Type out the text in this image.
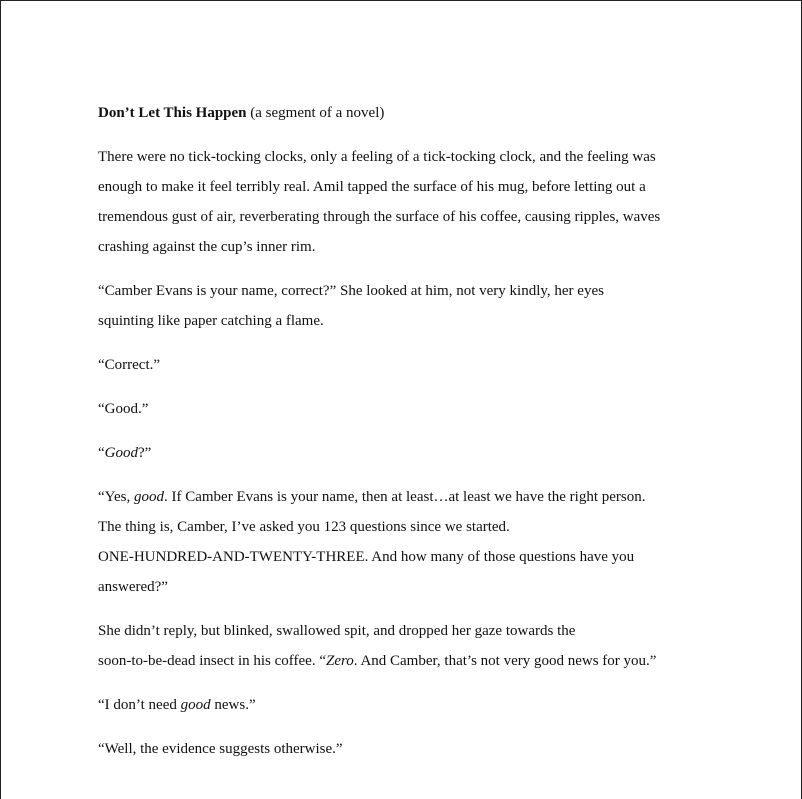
Don’t Let This Happen (a segment of a novel)

There were no tick-tocking clocks, only a feeling of a tick-tocking clock, and the feeling was
enough to make it feel terribly real. Amil tapped the surface of his mug, before letting out a
tremendous gust of air, reverberating through the surface of his coffee, causing ripples, waves
crashing against the cup’s inner rim.

“Camber Evans is your name, correct?” She looked at him, not very kindly, her eyes
squinting like paper catching a flame.

“Correct.”

“Good.”

“Good?”

“Yes, good. If Camber Evans is your name, then at least…at least we have the right person.
The thing is, Camber, I’ve asked you 123 questions since we started.
ONE-HUNDRED-AND-TWENTY-THREE. And how many of those questions have you
answered?”

She didn’t reply, but blinked, swallowed spit, and dropped her gaze towards the
soon-to-be-dead insect in his coffee. “Zero. And Camber, that’s not very good news for you.”

“I don’t need good news.”

“Well, the evidence suggests otherwise.”
